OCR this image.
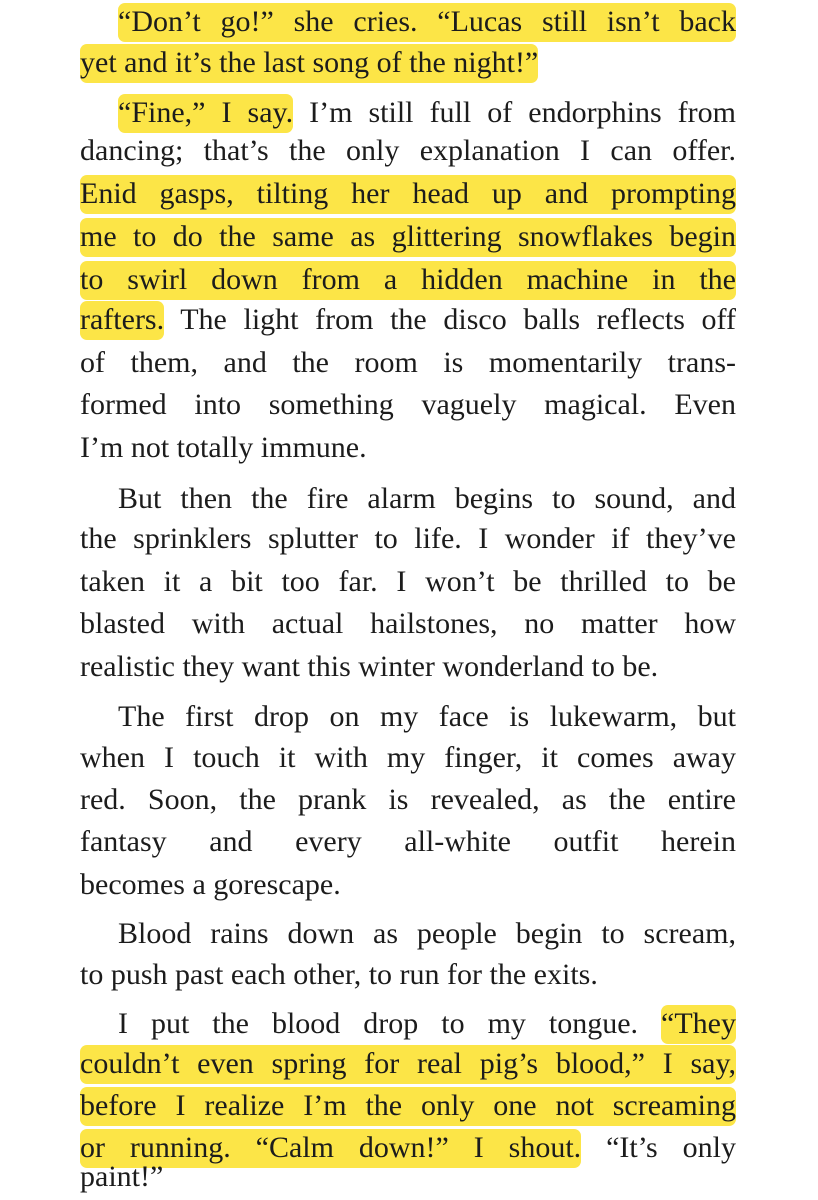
“Don’t go!” she cries. “Lucas still isn’t back
yet and it’s the last song of the night!”
“Fine,” I say. I’m still full of endorphins from
dancing; that’s the only explanation I can offer.
Enid gasps, tilting her head up and prompting
me to do the same as glittering snowflakes begin
to swirl down from a hidden machine in the
rafters. The light from the disco balls reflects off
of them, and the room is momentarily trans-
formed into something vaguely magical. Even
I’m not totally immune.
But then the fire alarm begins to sound, and
the sprinklers splutter to life. I wonder if they’ve
taken it a bit too far. I won’t be thrilled to be
blasted with actual hailstones, no matter how
realistic they want this winter wonderland to be.
The first drop on my face is lukewarm, but
when I touch it with my finger, it comes away
red. Soon, the prank is revealed, as the entire
fantasy and every all-white outfit herein
becomes a gorescape.
Blood rains down as people begin to scream,
to push past each other, to run for the exits.
I put the blood drop to my tongue. “They
couldn’t even spring for real pig’s blood,” I say,
before I realize I’m the only one not screaming
or running. “Calm down!” I shout. “It’s only
paint!”
